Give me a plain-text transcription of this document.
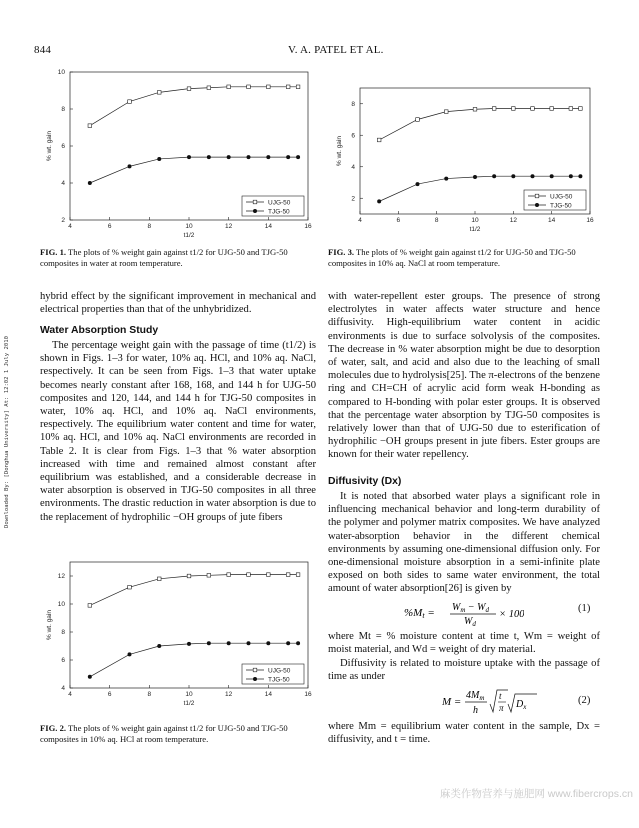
844	V. A. PATEL ET AL.
Downloaded By: [Donghua University] At: 12:02 1 July 2010
4	6	8	10	12	14	16
2
4
6
8
10
t1/2
% wt. gain
UJG-50
TJG-50
FIG. 1. The plots of % weight gain against t1/2 for UJG-50 and TJG-50 composites in water at room temperature.
4	6	8	10	12	14	16
2
4
6
8
t1/2
% wt. gain
UJG-50
TJG-50
FIG. 3. The plots of % weight gain against t1/2 for UJG-50 and TJG-50 composites in 10% aq. NaCl at room temperature.
hybrid effect by the significant improvement in mechanical and electrical properties than that of the unhybridized.
Water Absorption Study
The percentage weight gain with the passage of time (t1/2) is shown in Figs. 1–3 for water, 10% aq. HCl, and 10% aq. NaCl, respectively. It can be seen from Figs. 1–3 that water uptake becomes nearly constant after 168, 168, and 144 h for UJG-50 composites and 120, 144, and 144 h for TJG-50 composites in water, 10% aq. HCl, and 10% aq. NaCl environments, respectively. The equilibrium water content and time for water, 10% aq. HCl, and 10% aq. NaCl environments are recorded in Table 2. It is clear from Figs. 1–3 that % water absorption increased with time and remained almost constant after equilibrium was established, and a considerable decrease in water absorption is observed in TJG-50 composites in all three environments. The drastic reduction in water absorption is due to the replacement of hydrophilic −OH groups of jute fibers
4	6	8	10	12	14	16
4
6
8
10
12
t1/2
% wt. gain
UJG-50
TJG-50
FIG. 2. The plots of % weight gain against t1/2 for UJG-50 and TJG-50 composites in 10% aq. HCl at room temperature.
with water-repellent ester groups. The presence of strong electrolytes in water affects water structure and hence diffusivity. High-equilibrium water content in acidic environments is due to surface solvolysis of the composites. The decrease in % water absorption might be due to desorption of water, salt, and acid and also due to the leaching of small molecules due to hydrolysis[25]. The π-electrons of the benzene ring and CH=CH of acrylic acid form weak H-bonding as compared to H-bonding with polar ester groups. It is observed that the percentage water absorption by TJG-50 composites is relatively lower than that of UJG-50 due to esterification of hydrophilic −OH groups present in jute fibers. Ester groups are known for their water repellency.
Diffusivity (Dx)
It is noted that absorbed water plays a significant role in influencing mechanical behavior and long-term durability of the polymer and polymer matrix composites. We have analyzed water-absorption behavior in the different chemical environments by assuming one-dimensional diffusion only. For one-dimensional moisture absorption in a semi-infinite plate exposed on both sides to same water environment, the total amount of water absorption[26] is given by
$\%Mt = W_m - W_d$
$W_d$
× 100
(1)
where Mt = % moisture content at time t, Wm = weight of moist material, and Wd = weight of dry material.
Diffusivity is related to moisture uptake with the passage of time as under
M =
$4M_m$
h
t
π $D_x$
(2)
where Mm = equilibrium water content in the sample, Dx = diffusivity, and t = time.
麻类作物营养与施肥网 www.fibercrops.cn
